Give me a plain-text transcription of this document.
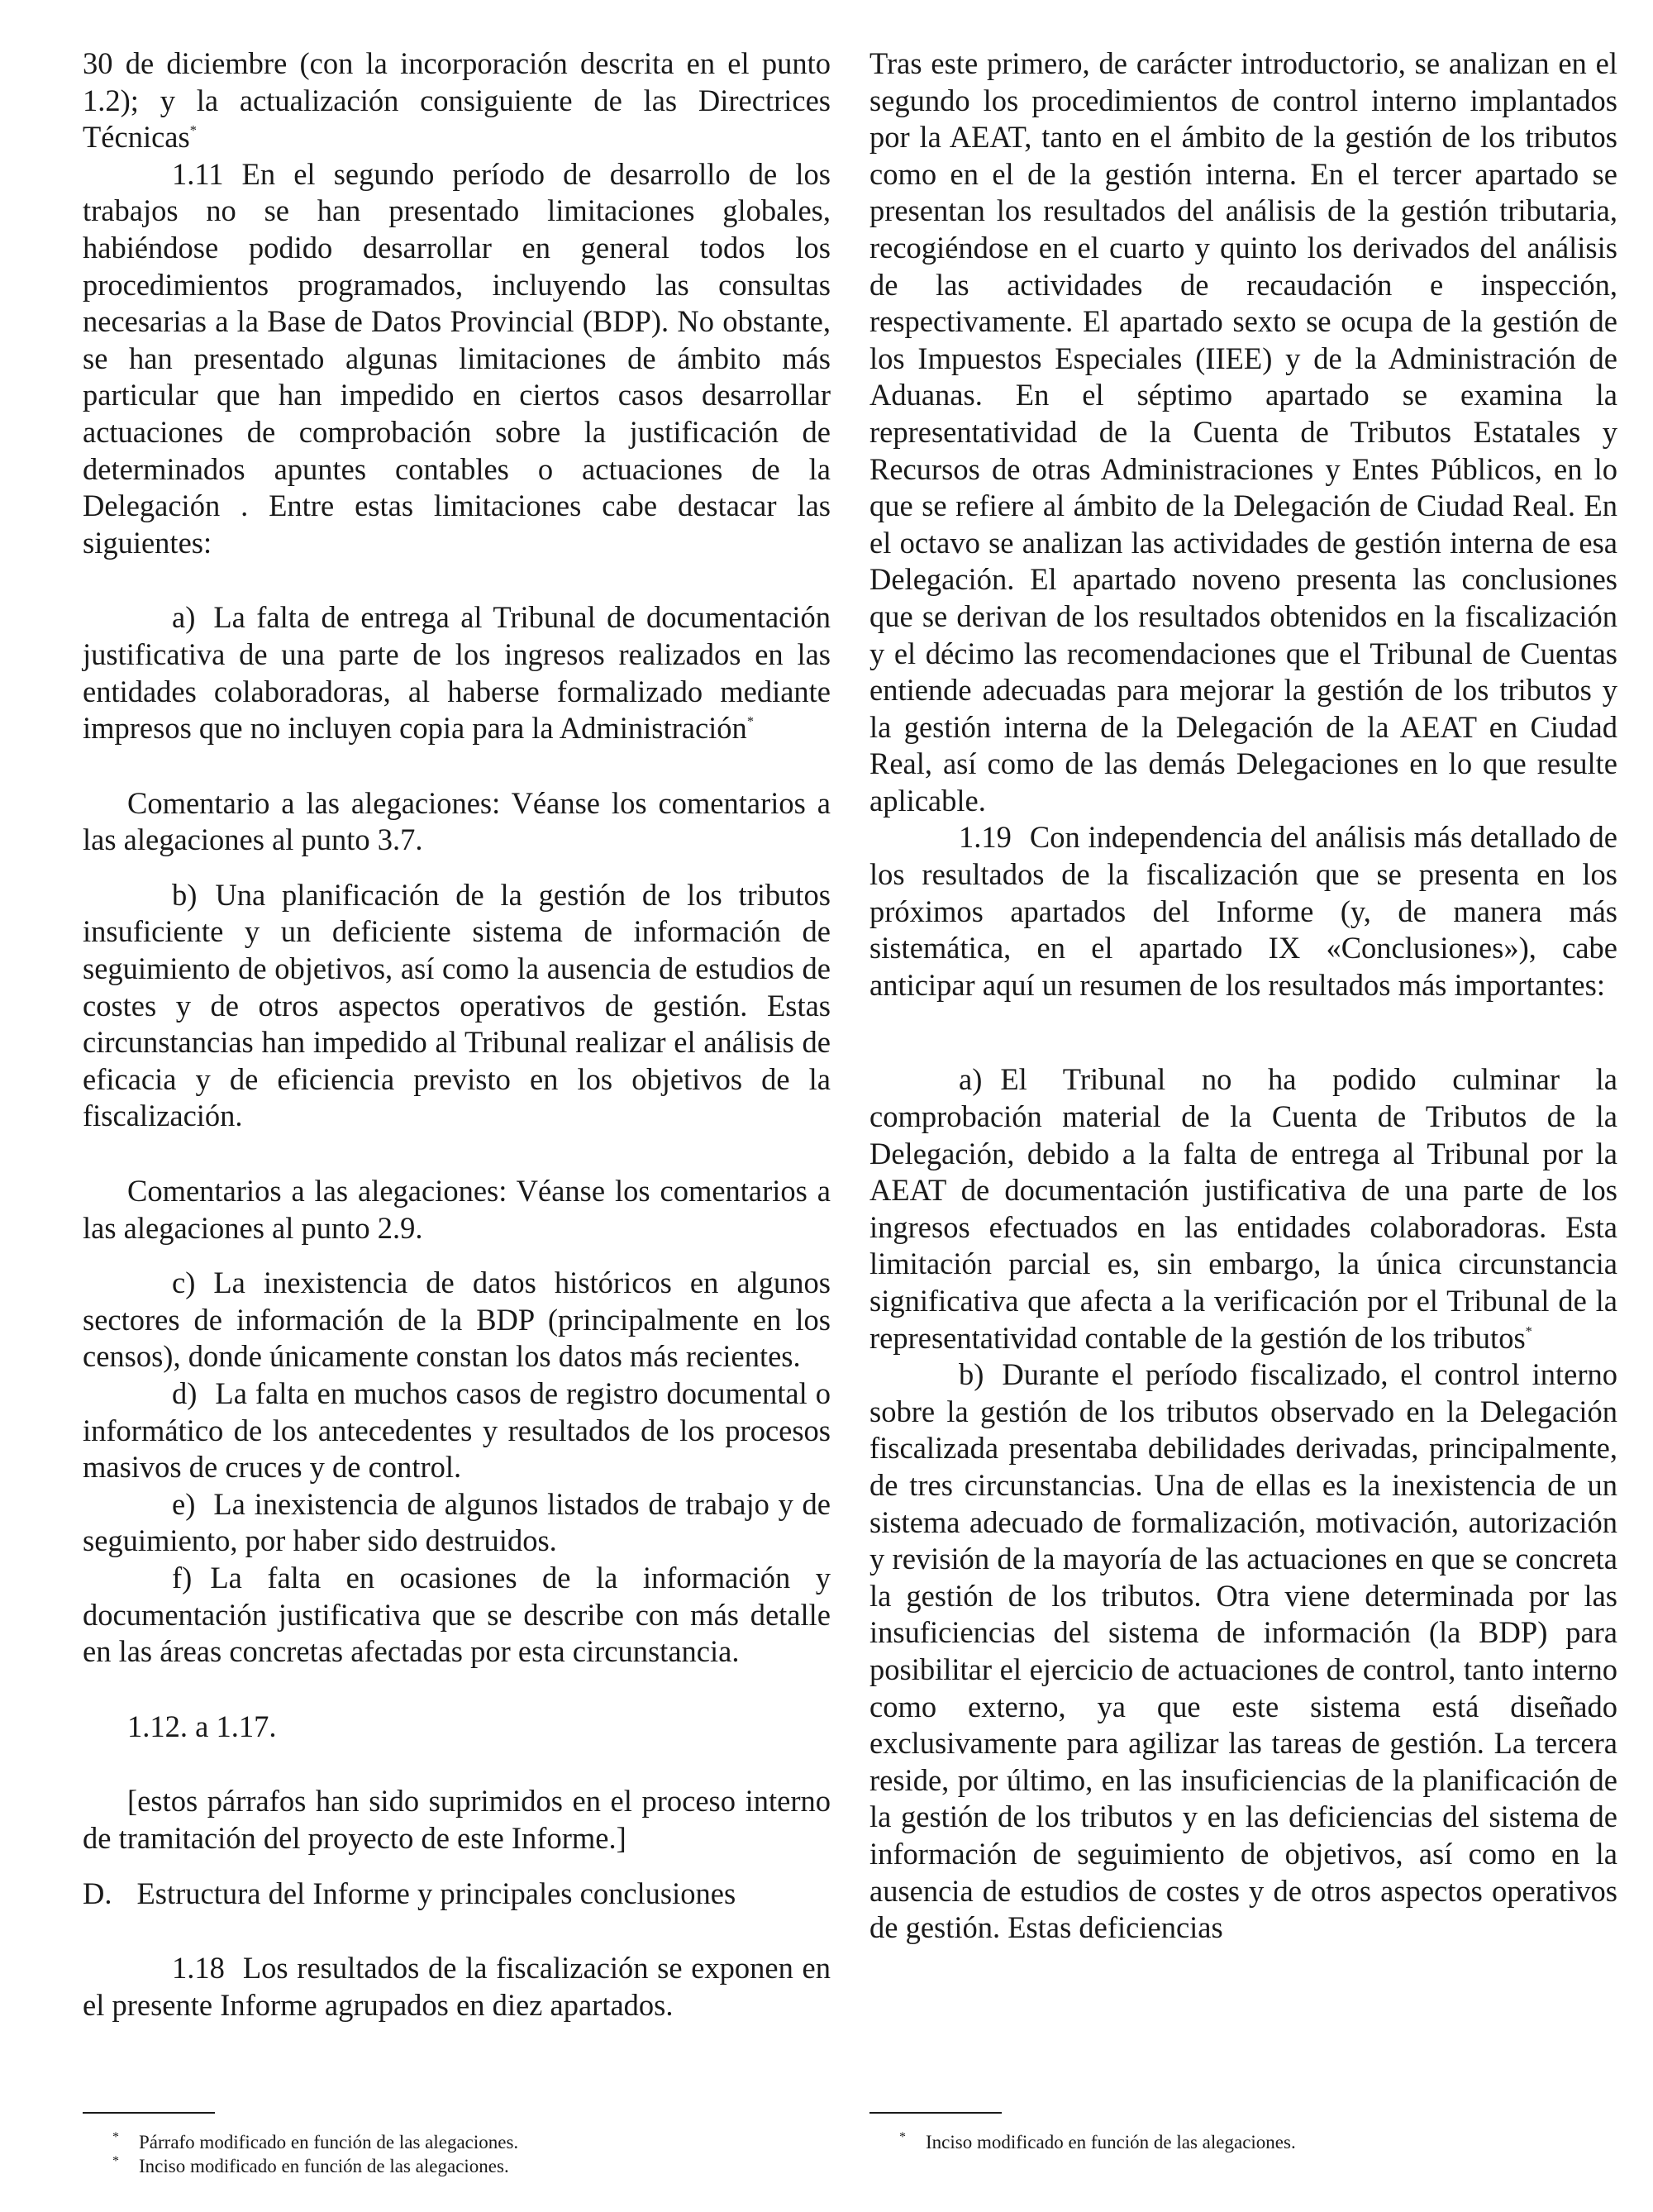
30 de diciembre (con la incorporación descrita en el punto 1.2); y la actualización consiguiente de las Directrices Técnicas*

1.11 En el segundo período de desarrollo de los trabajos no se han presentado limitaciones globales, habiéndose podido desarrollar en general todos los procedimientos programados, incluyendo las consultas necesarias a la Base de Datos Provincial (BDP). No obstante, se han presentado algunas limitaciones de ámbito más particular que han impedido en ciertos casos desarrollar actuaciones de comprobación sobre la justificación de determinados apuntes contables o actuaciones de la Delegación . Entre estas limitaciones cabe destacar las siguientes:

a) La falta de entrega al Tribunal de documentación justificativa de una parte de los ingresos realizados en las entidades colaboradoras, al haberse formalizado mediante impresos que no incluyen copia para la Administración*

Comentario a las alegaciones: Véanse los comentarios a las alegaciones al punto 3.7.

b) Una planificación de la gestión de los tributos insuficiente y un deficiente sistema de información de seguimiento de objetivos, así como la ausencia de estudios de costes y de otros aspectos operativos de gestión. Estas circunstancias han impedido al Tribunal realizar el análisis de eficacia y de eficiencia previsto en los objetivos de la fiscalización.

Comentarios a las alegaciones: Véanse los comentarios a las alegaciones al punto 2.9.

c) La inexistencia de datos históricos en algunos sectores de información de la BDP (principalmente en los censos), donde únicamente constan los datos más recientes.

d) La falta en muchos casos de registro documental o informático de los antecedentes y resultados de los procesos masivos de cruces y de control.

e) La inexistencia de algunos listados de trabajo y de seguimiento, por haber sido destruidos.

f) La falta en ocasiones de la información y documentación justificativa que se describe con más detalle en las áreas concretas afectadas por esta circunstancia.

1.12. a 1.17.

[estos párrafos han sido suprimidos en el proceso interno de tramitación del proyecto de este Informe.]

D. Estructura del Informe y principales conclusiones

1.18 Los resultados de la fiscalización se exponen en el presente Informe agrupados en diez apartados.

Tras este primero, de carácter introductorio, se analizan en el segundo los procedimientos de control interno implantados por la AEAT, tanto en el ámbito de la gestión de los tributos como en el de la gestión interna. En el tercer apartado se presentan los resultados del análisis de la gestión tributaria, recogiéndose en el cuarto y quinto los derivados del análisis de las actividades de recaudación e inspección, respectivamente. El apartado sexto se ocupa de la gestión de los Impuestos Especiales (IIEE) y de la Administración de Aduanas. En el séptimo apartado se examina la representatividad de la Cuenta de Tributos Estatales y Recursos de otras Administraciones y Entes Públicos, en lo que se refiere al ámbito de la Delegación de Ciudad Real. En el octavo se analizan las actividades de gestión interna de esa Delegación. El apartado noveno presenta las conclusiones que se derivan de los resultados obtenidos en la fiscalización y el décimo las recomendaciones que el Tribunal de Cuentas entiende adecuadas para mejorar la gestión de los tributos y la gestión interna de la Delegación de la AEAT en Ciudad Real, así como de las demás Delegaciones en lo que resulte aplicable.

1.19 Con independencia del análisis más detallado de los resultados de la fiscalización que se presenta en los próximos apartados del Informe (y, de manera más sistemática, en el apartado IX «Conclusiones»), cabe anticipar aquí un resumen de los resultados más importantes:

a) El Tribunal no ha podido culminar la comprobación material de la Cuenta de Tributos de la Delegación, debido a la falta de entrega al Tribunal por la AEAT de documentación justificativa de una parte de los ingresos efectuados en las entidades colaboradoras. Esta limitación parcial es, sin embargo, la única circunstancia significativa que afecta a la verificación por el Tribunal de la representatividad contable de la gestión de los tributos*

b) Durante el período fiscalizado, el control interno sobre la gestión de los tributos observado en la Delegación fiscalizada presentaba debilidades derivadas, principalmente, de tres circunstancias. Una de ellas es la inexistencia de un sistema adecuado de formalización, motivación, autorización y revisión de la mayoría de las actuaciones en que se concreta la gestión de los tributos. Otra viene determinada por las insuficiencias del sistema de información (la BDP) para posibilitar el ejercicio de actuaciones de control, tanto interno como externo, ya que este sistema está diseñado exclusivamente para agilizar las tareas de gestión. La tercera reside, por último, en las insuficiencias de la planificación de la gestión de los tributos y en las deficiencias del sistema de información de seguimiento de objetivos, así como en la ausencia de estudios de costes y de otros aspectos operativos de gestión. Estas deficiencias

* Párrafo modificado en función de las alegaciones.
* Inciso modificado en función de las alegaciones.
* Inciso modificado en función de las alegaciones.
